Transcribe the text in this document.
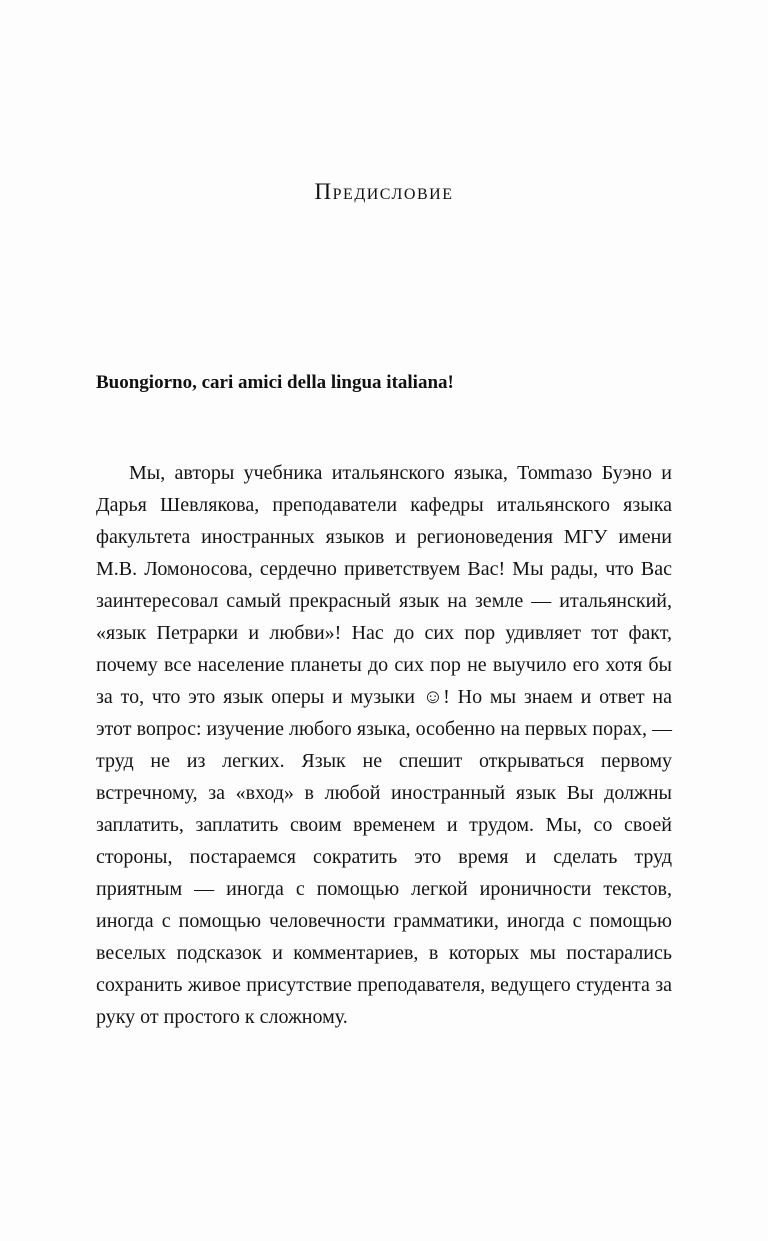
Предисловие

Buongiorno, cari amici della lingua italiana!

Мы, авторы учебника итальянского языка, Томmазо Буэно и Дарья Шевлякова, преподаватели кафедры итальянского языка факультета иностранных языков и регионоведения МГУ имени М.В. Ломоносова, сердечно приветствуем Вас! Мы рады, что Вас заинтересовал самый прекрасный язык на земле — итальянский, «язык Петрарки и любви»! Нас до сих пор удивляет тот факт, почему все население планеты до сих пор не выучило его хотя бы за то, что это язык оперы и музыки ☺! Но мы знаем и ответ на этот вопрос: изучение любого языка, особенно на первых порах, — труд не из легких. Язык не спешит открываться первому встречному, за «вход» в любой иностранный язык Вы должны заплатить, заплатить своим временем и трудом. Мы, со своей стороны, постараемся сократить это время и сделать труд приятным — иногда с помощью легкой ироничности текстов, иногда с помощью человечности грамматики, иногда с помощью веселых подсказок и комментариев, в которых мы постарались сохранить живое присутствие преподавателя, ведущего студента за руку от простого к сложному.
